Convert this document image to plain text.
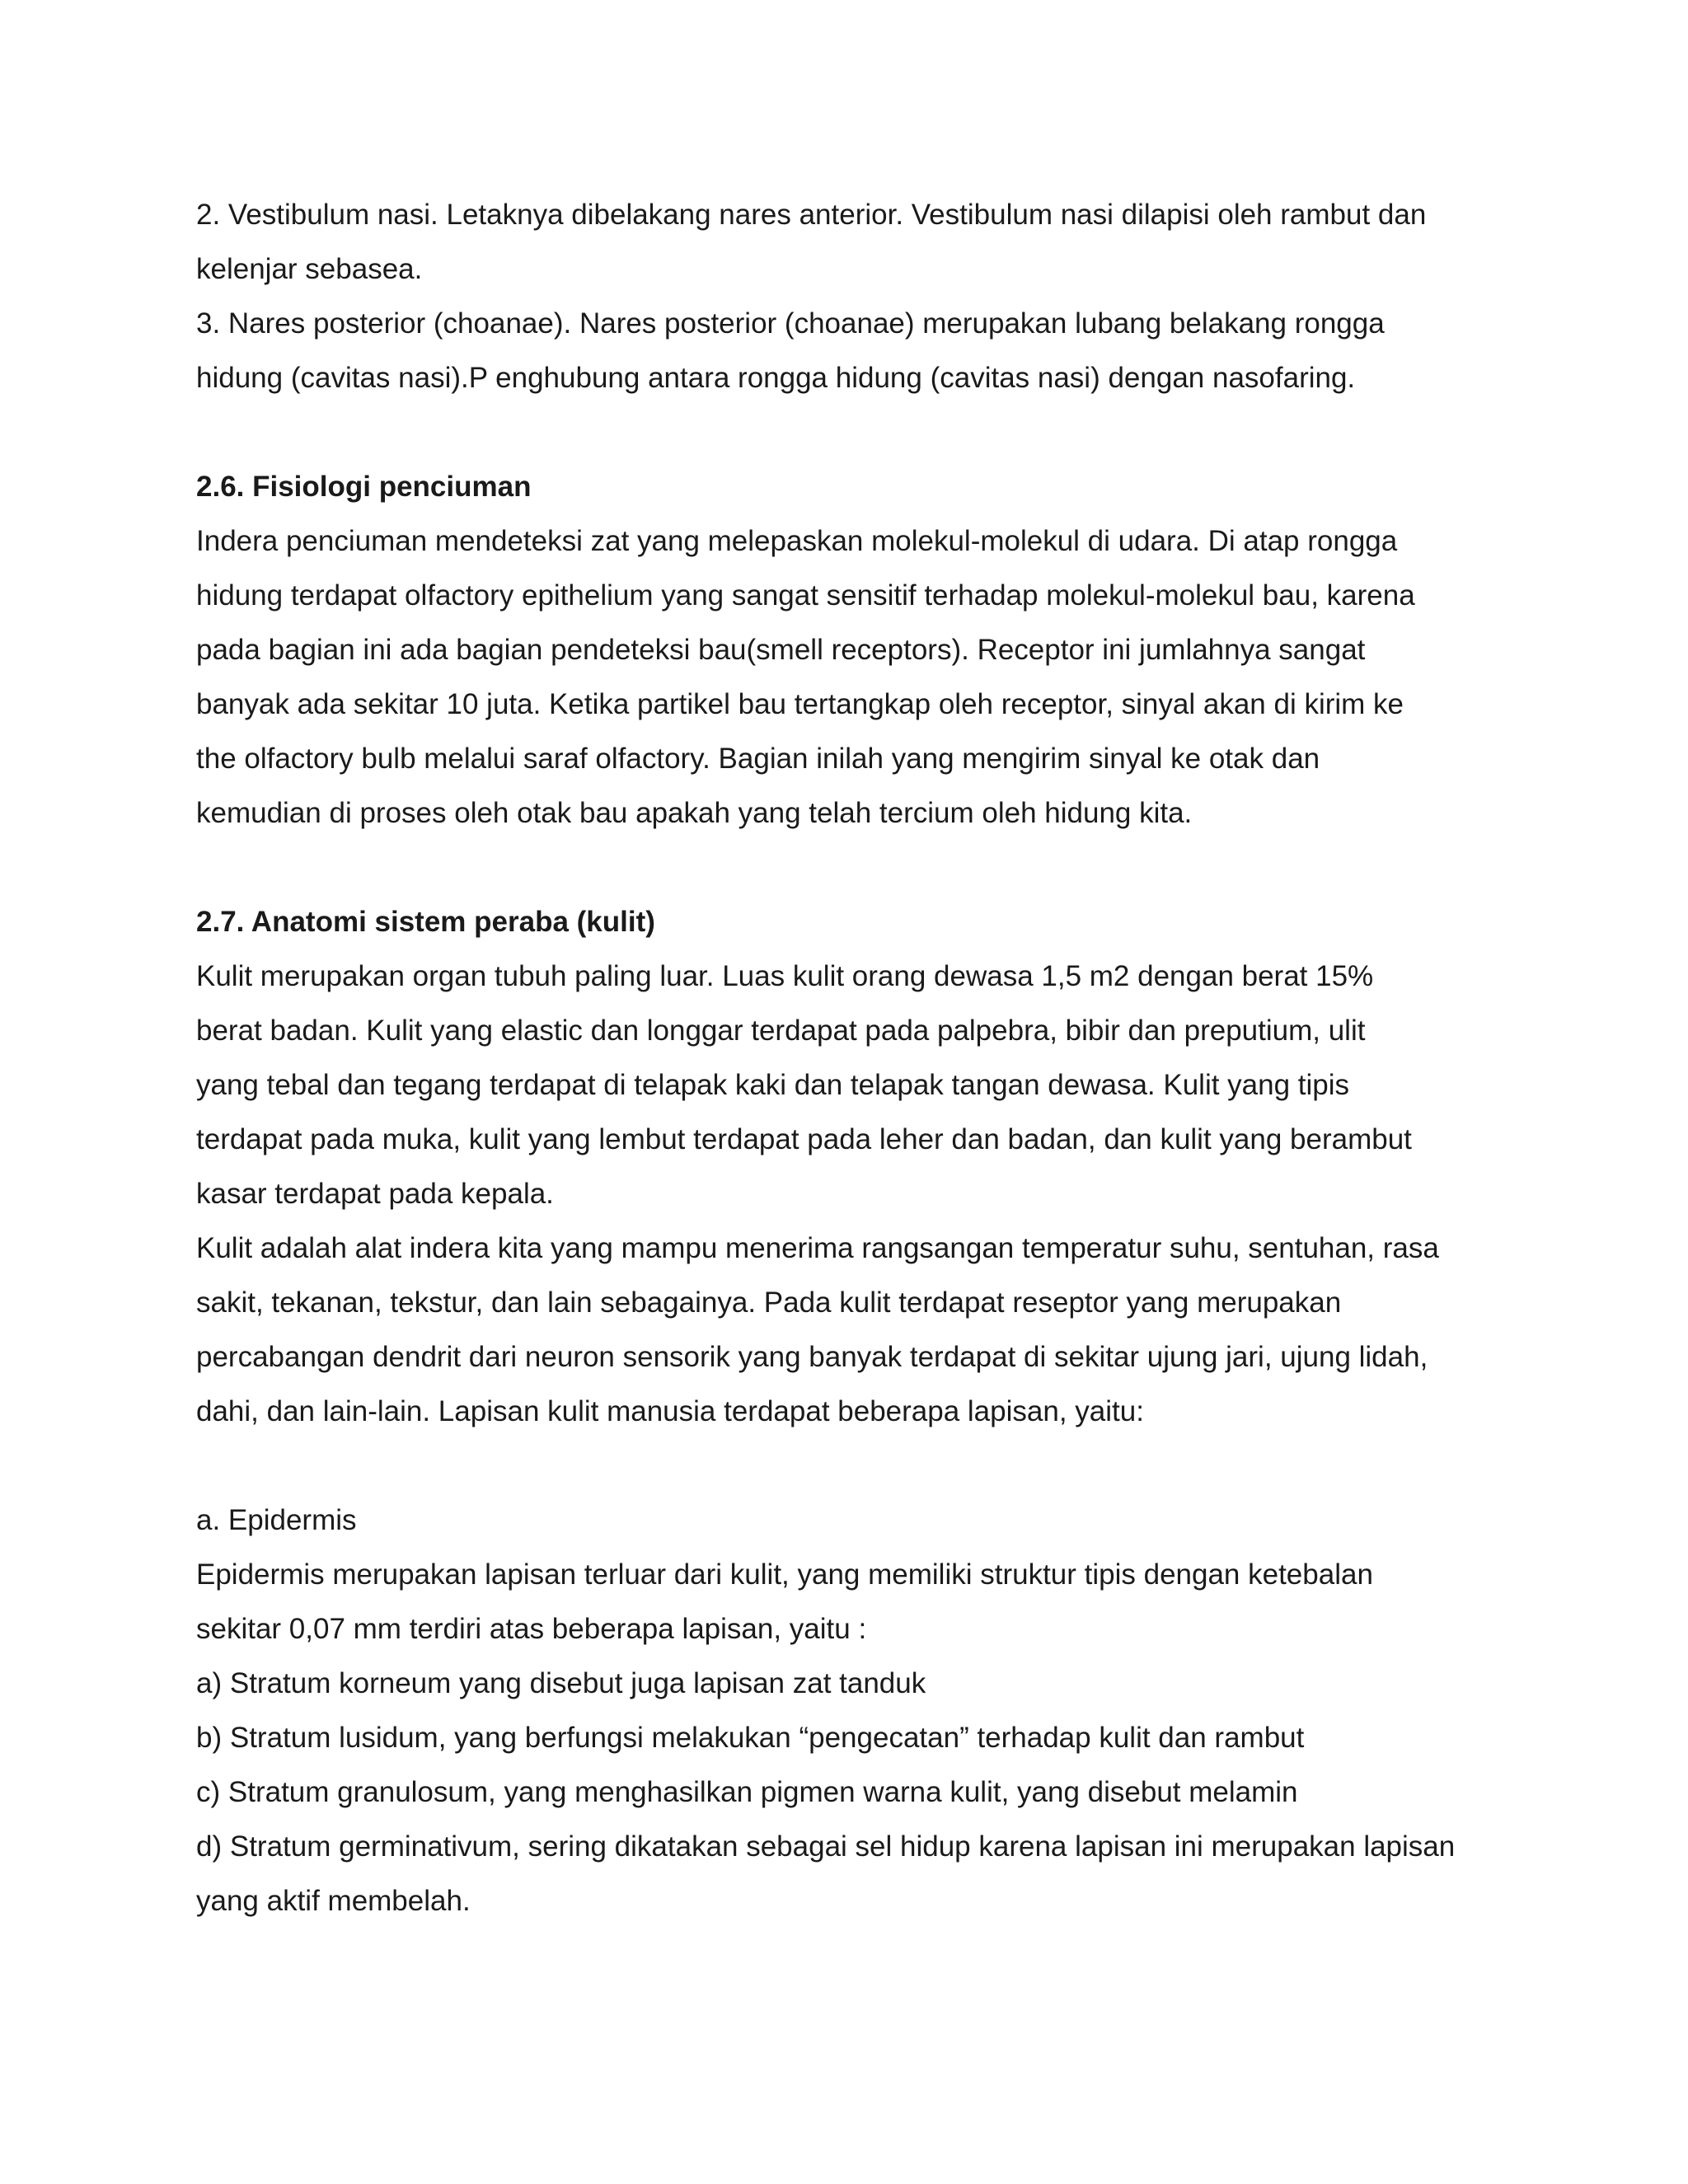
2. Vestibulum nasi. Letaknya dibelakang nares anterior. Vestibulum nasi dilapisi oleh rambut dan
kelenjar sebasea.
3. Nares posterior (choanae). Nares posterior (choanae) merupakan lubang belakang rongga
hidung (cavitas nasi).P enghubung antara rongga hidung (cavitas nasi) dengan nasofaring.
2.6. Fisiologi penciuman
Indera penciuman mendeteksi zat yang melepaskan molekul-molekul di udara. Di atap rongga
hidung terdapat olfactory epithelium yang sangat sensitif terhadap molekul-molekul bau, karena
pada bagian ini ada bagian pendeteksi bau(smell receptors). Receptor ini jumlahnya sangat
banyak ada sekitar 10 juta. Ketika partikel bau tertangkap oleh receptor, sinyal akan di kirim ke
the olfactory bulb melalui saraf olfactory. Bagian inilah yang mengirim sinyal ke otak dan
kemudian di proses oleh otak bau apakah yang telah tercium oleh hidung kita.
2.7. Anatomi sistem peraba (kulit)
Kulit merupakan organ tubuh paling luar. Luas kulit orang dewasa 1,5 m2 dengan berat 15%
berat badan. Kulit yang elastic dan longgar terdapat pada palpebra, bibir dan preputium, ulit
yang tebal dan tegang terdapat di telapak kaki dan telapak tangan dewasa. Kulit yang tipis
terdapat pada muka, kulit yang lembut terdapat pada leher dan badan, dan kulit yang berambut
kasar terdapat pada kepala.
Kulit adalah alat indera kita yang mampu menerima rangsangan temperatur suhu, sentuhan, rasa
sakit, tekanan, tekstur, dan lain sebagainya. Pada kulit terdapat reseptor yang merupakan
percabangan dendrit dari neuron sensorik yang banyak terdapat di sekitar ujung jari, ujung lidah,
dahi, dan lain-lain. Lapisan kulit manusia terdapat beberapa lapisan, yaitu:
a. Epidermis
Epidermis merupakan lapisan terluar dari kulit, yang memiliki struktur tipis dengan ketebalan
sekitar 0,07 mm terdiri atas beberapa lapisan, yaitu :
a) Stratum korneum yang disebut juga lapisan zat tanduk
b) Stratum lusidum, yang berfungsi melakukan “pengecatan” terhadap kulit dan rambut
c) Stratum granulosum, yang menghasilkan pigmen warna kulit, yang disebut melamin
d) Stratum germinativum, sering dikatakan sebagai sel hidup karena lapisan ini merupakan lapisan
yang aktif membelah.
